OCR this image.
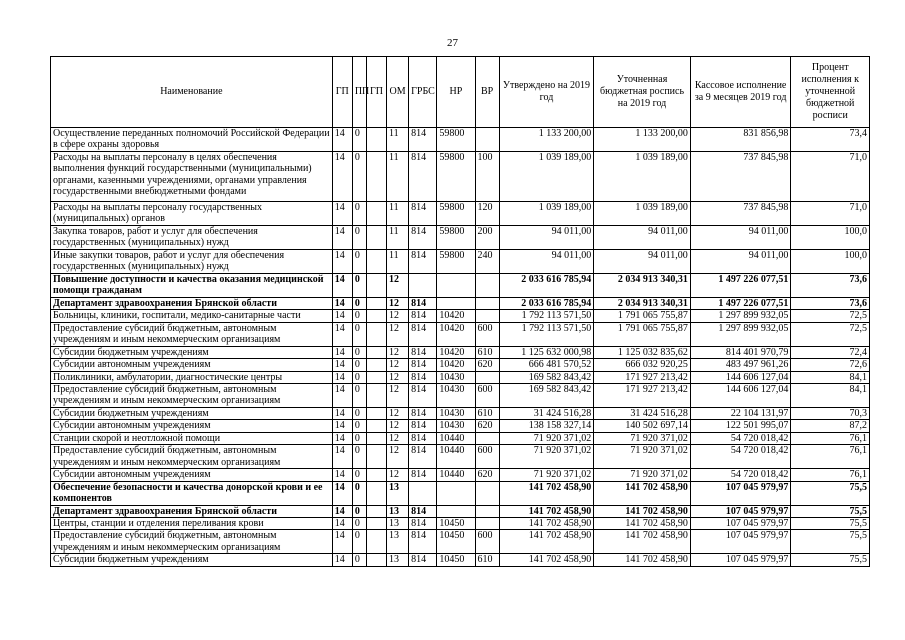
27
Наименование	ГП	ПП	ГП	ОМ	ГРБС	НР	ВР	Утверждено на 2019 год	Уточненная бюджетная роспись на 2019 год	Кассовое исполнение за 9 месяцев 2019 год	Процент исполнения к уточненной бюджетной росписи
Осуществление переданных полномочий Российской Федерации в сфере охраны здоровья	14	0		11	814	59800		1 133 200,00	1 133 200,00	831 856,98	73,4
Расходы на выплаты персоналу в целях обеспечения выполнения функций государственными (муниципальными) органами, казенными учреждениями, органами управления государственными внебюджетными фондами	14	0		11	814	59800	100	1 039 189,00	1 039 189,00	737 845,98	71,0
Расходы на выплаты персоналу государственных (муниципальных) органов	14	0		11	814	59800	120	1 039 189,00	1 039 189,00	737 845,98	71,0
Закупка товаров, работ и услуг для обеспечения государственных (муниципальных) нужд	14	0		11	814	59800	200	94 011,00	94 011,00	94 011,00	100,0
Иные закупки товаров, работ и услуг для обеспечения государственных (муниципальных) нужд	14	0		11	814	59800	240	94 011,00	94 011,00	94 011,00	100,0
Повышение доступности и качества оказания медицинской помощи гражданам	14	0		12				2 033 616 785,94	2 034 913 340,31	1 497 226 077,51	73,6
Департамент здравоохранения Брянской области	14	0		12	814			2 033 616 785,94	2 034 913 340,31	1 497 226 077,51	73,6
Больницы, клиники, госпитали, медико-санитарные части	14	0		12	814	10420		1 792 113 571,50	1 791 065 755,87	1 297 899 932,05	72,5
Предоставление субсидий бюджетным, автономным учреждениям и иным некоммерческим организациям	14	0		12	814	10420	600	1 792 113 571,50	1 791 065 755,87	1 297 899 932,05	72,5
Субсидии бюджетным учреждениям	14	0		12	814	10420	610	1 125 632 000,98	1 125 032 835,62	814 401 970,79	72,4
Субсидии автономным учреждениям	14	0		12	814	10420	620	666 481 570,52	666 032 920,25	483 497 961,26	72,6
Поликлиники, амбулатории, диагностические центры	14	0		12	814	10430		169 582 843,42	171 927 213,42	144 606 127,04	84,1
Предоставление субсидий бюджетным, автономным учреждениям и иным некоммерческим организациям	14	0		12	814	10430	600	169 582 843,42	171 927 213,42	144 606 127,04	84,1
Субсидии бюджетным учреждениям	14	0		12	814	10430	610	31 424 516,28	31 424 516,28	22 104 131,97	70,3
Субсидии автономным учреждениям	14	0		12	814	10430	620	138 158 327,14	140 502 697,14	122 501 995,07	87,2
Станции скорой и неотложной помощи	14	0		12	814	10440		71 920 371,02	71 920 371,02	54 720 018,42	76,1
Предоставление субсидий бюджетным, автономным учреждениям и иным некоммерческим организациям	14	0		12	814	10440	600	71 920 371,02	71 920 371,02	54 720 018,42	76,1
Субсидии автономным учреждениям	14	0		12	814	10440	620	71 920 371,02	71 920 371,02	54 720 018,42	76,1
Обеспечение безопасности и качества донорской крови и ее компонентов	14	0		13				141 702 458,90	141 702 458,90	107 045 979,97	75,5
Департамент здравоохранения Брянской области	14	0		13	814			141 702 458,90	141 702 458,90	107 045 979,97	75,5
Центры, станции и отделения переливания крови	14	0		13	814	10450		141 702 458,90	141 702 458,90	107 045 979,97	75,5
Предоставление субсидий бюджетным, автономным учреждениям и иным некоммерческим организациям	14	0		13	814	10450	600	141 702 458,90	141 702 458,90	107 045 979,97	75,5
Субсидии бюджетным учреждениям	14	0		13	814	10450	610	141 702 458,90	141 702 458,90	107 045 979,97	75,5
